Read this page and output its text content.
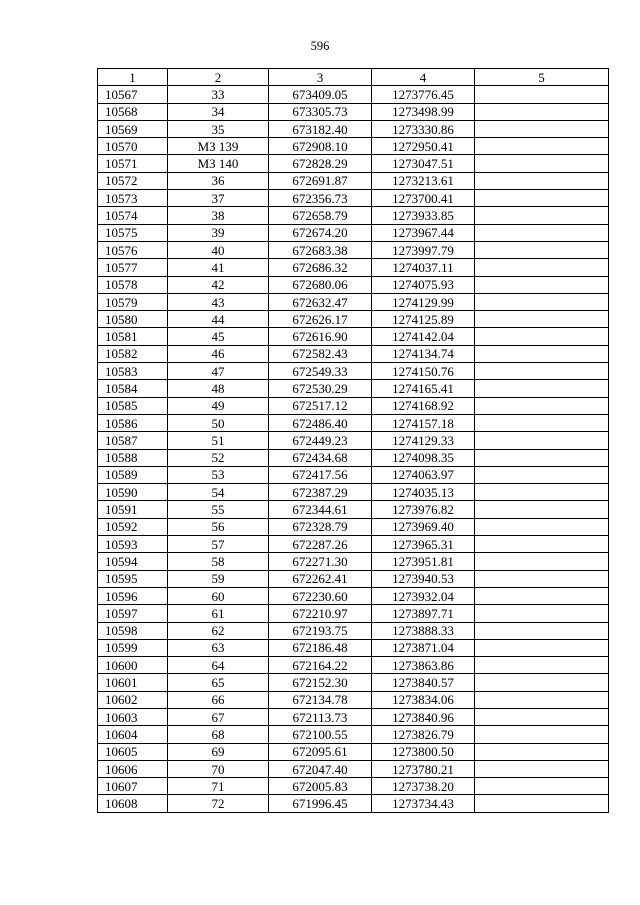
596
1	2	3	4	5
10567	33	673409.05	1273776.45	
10568	34	673305.73	1273498.99	
10569	35	673182.40	1273330.86	
10570	МЗ 139	672908.10	1272950.41	
10571	МЗ 140	672828.29	1273047.51	
10572	36	672691.87	1273213.61	
10573	37	672356.73	1273700.41	
10574	38	672658.79	1273933.85	
10575	39	672674.20	1273967.44	
10576	40	672683.38	1273997.79	
10577	41	672686.32	1274037.11	
10578	42	672680.06	1274075.93	
10579	43	672632.47	1274129.99	
10580	44	672626.17	1274125.89	
10581	45	672616.90	1274142.04	
10582	46	672582.43	1274134.74	
10583	47	672549.33	1274150.76	
10584	48	672530.29	1274165.41	
10585	49	672517.12	1274168.92	
10586	50	672486.40	1274157.18	
10587	51	672449.23	1274129.33	
10588	52	672434.68	1274098.35	
10589	53	672417.56	1274063.97	
10590	54	672387.29	1274035.13	
10591	55	672344.61	1273976.82	
10592	56	672328.79	1273969.40	
10593	57	672287.26	1273965.31	
10594	58	672271.30	1273951.81	
10595	59	672262.41	1273940.53	
10596	60	672230.60	1273932.04	
10597	61	672210.97	1273897.71	
10598	62	672193.75	1273888.33	
10599	63	672186.48	1273871.04	
10600	64	672164.22	1273863.86	
10601	65	672152.30	1273840.57	
10602	66	672134.78	1273834.06	
10603	67	672113.73	1273840.96	
10604	68	672100.55	1273826.79	
10605	69	672095.61	1273800.50	
10606	70	672047.40	1273780.21	
10607	71	672005.83	1273738.20	
10608	72	671996.45	1273734.43	
